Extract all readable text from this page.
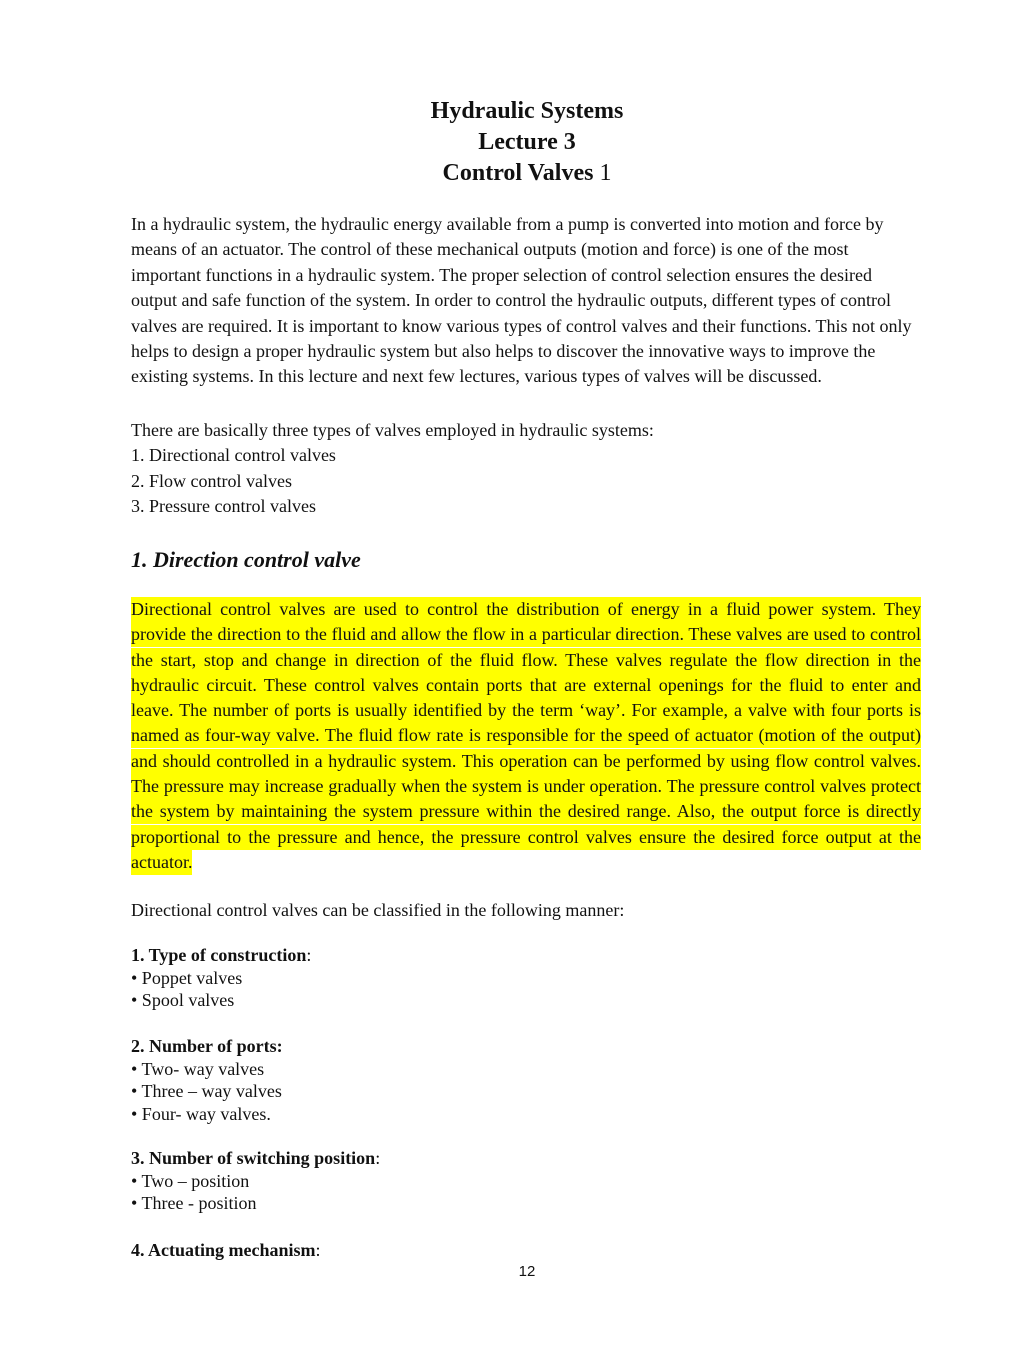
Hydraulic Systems
Lecture 3
Control Valves 1

In a hydraulic system, the hydraulic energy available from a pump is converted into motion and force by means of an actuator. The control of these mechanical outputs (motion and force) is one of the most important functions in a hydraulic system. The proper selection of control selection ensures the desired output and safe function of the system. In order to control the hydraulic outputs, different types of control valves are required. It is important to know various types of control valves and their functions. This not only helps to design a proper hydraulic system but also helps to discover the innovative ways to improve the existing systems. In this lecture and next few lectures, various types of valves will be discussed.

There are basically three types of valves employed in hydraulic systems:
1. Directional control valves
2. Flow control valves
3. Pressure control valves
1. Direction control valve
Directional control valves are used to control the distribution of energy in a fluid power system. They provide the direction to the fluid and allow the flow in a particular direction. These valves are used to control the start, stop and change in direction of the fluid flow. These valves regulate the flow direction in the hydraulic circuit. These control valves contain ports that are external openings for the fluid to enter and leave. The number of ports is usually identified by the term ‘way’. For example, a valve with four ports is named as four-way valve. The fluid flow rate is responsible for the speed of actuator (motion of the output) and should controlled in a hydraulic system. This operation can be performed by using flow control valves. The pressure may increase gradually when the system is under operation. The pressure control valves protect the system by maintaining the system pressure within the desired range. Also, the output force is directly proportional to the pressure and hence, the pressure control valves ensure the desired force output at the actuator.
Directional control valves can be classified in the following manner:
1. Type of construction:
• Poppet valves
• Spool valves
2. Number of ports:
• Two- way valves
• Three – way valves
• Four- way valves.
3. Number of switching position:
• Two – position
• Three - position
4. Actuating mechanism:
12
